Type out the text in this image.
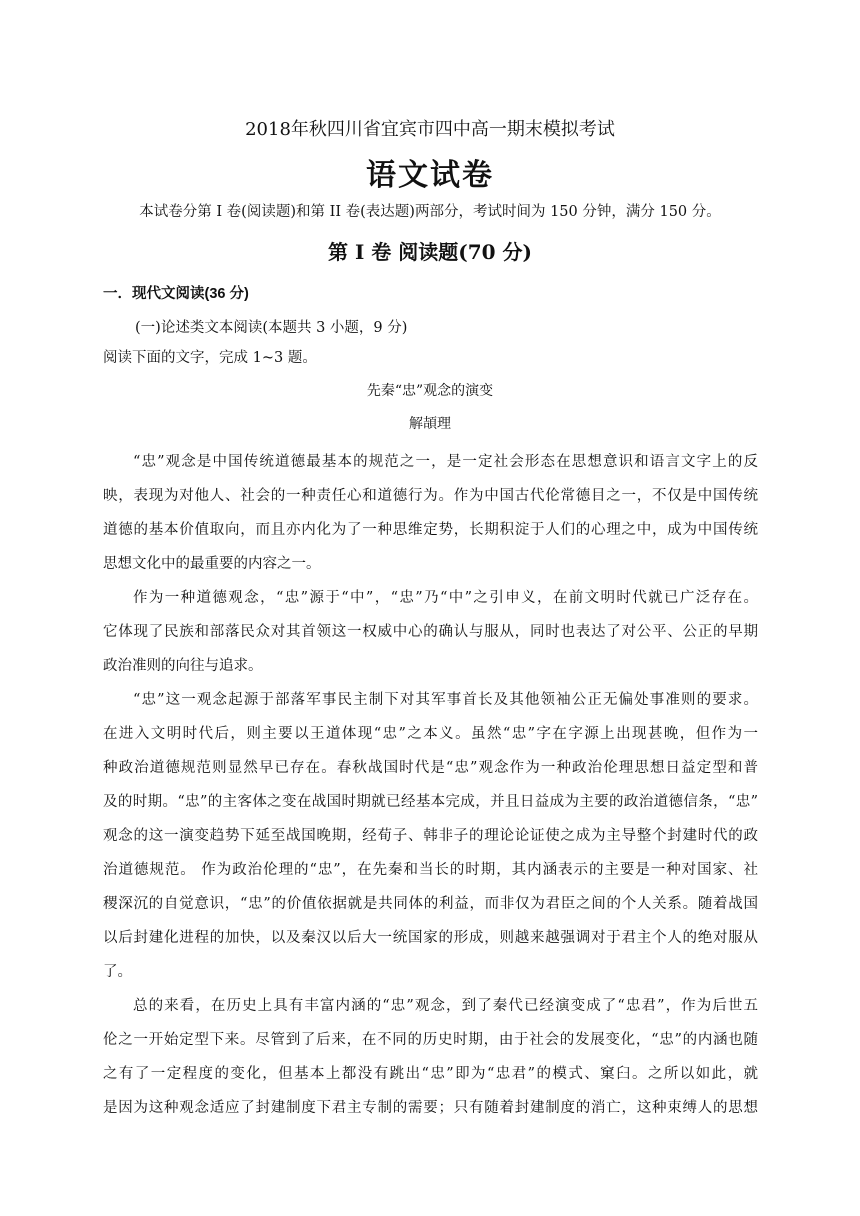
2018年秋四川省宜宾市四中高一期末模拟考试
语文试卷
本试卷分第 I 卷(阅读题)和第 II 卷(表达题)两部分，考试时间为 150 分钟，满分 150 分。
第 I 卷 阅读题(70 分)
一．现代文阅读(36 分)
(一)论述类文本阅读(本题共 3 小题，9 分)
阅读下面的文字，完成 1~3 题。
先秦“忠”观念的演变
解頡理
“忠”观念是中国传统道德最基本的规范之一，是一定社会形态在思想意识和语言文字上的反
映，表现为对他人、社会的一种责任心和道德行为。作为中国古代伦常德目之一，不仅是中国传统
道德的基本价值取向，而且亦内化为了一种思维定势，长期积淀于人们的心理之中，成为中国传统
思想文化中的最重要的内容之一。
作为一种道德观念，“忠”源于“中”，“忠”乃“中”之引申义，在前文明时代就已广泛存在。
它体现了民族和部落民众对其首领这一权威中心的确认与服从，同时也表达了对公平、公正的早期
政治准则的向往与追求。
“忠”这一观念起源于部落军事民主制下对其军事首长及其他领袖公正无偏处事准则的要求。
在进入文明时代后，则主要以王道体现“忠”之本义。虽然“忠”字在字源上出现甚晚，但作为一
种政治道德规范则显然早已存在。春秋战国时代是“忠”观念作为一种政治伦理思想日益定型和普
及的时期。“忠”的主客体之变在战国时期就已经基本完成，并且日益成为主要的政治道德信条，“忠”
观念的这一演变趋势下延至战国晚期，经荀子、韩非子的理论论证使之成为主导整个封建时代的政
治道德规范。 作为政治伦理的“忠”，在先秦和当长的时期，其内涵表示的主要是一种对国家、社
稷深沉的自觉意识，“忠”的价值依据就是共同体的利益，而非仅为君臣之间的个人关系。随着战国
以后封建化进程的加快，以及秦汉以后大一统国家的形成，则越来越强调对于君主个人的绝对服从
了。
总的来看，在历史上具有丰富内涵的“忠”观念，到了秦代已经演变成了“忠君”，作为后世五
伦之一开始定型下来。尽管到了后来，在不同的历史时期，由于社会的发展变化，“忠”的内涵也随
之有了一定程度的变化，但基本上都没有跳出“忠”即为“忠君”的模式、窠臼。之所以如此，就
是因为这种观念适应了封建制度下君主专制的需要；只有随着封建制度的消亡，这种束缚人的思想
